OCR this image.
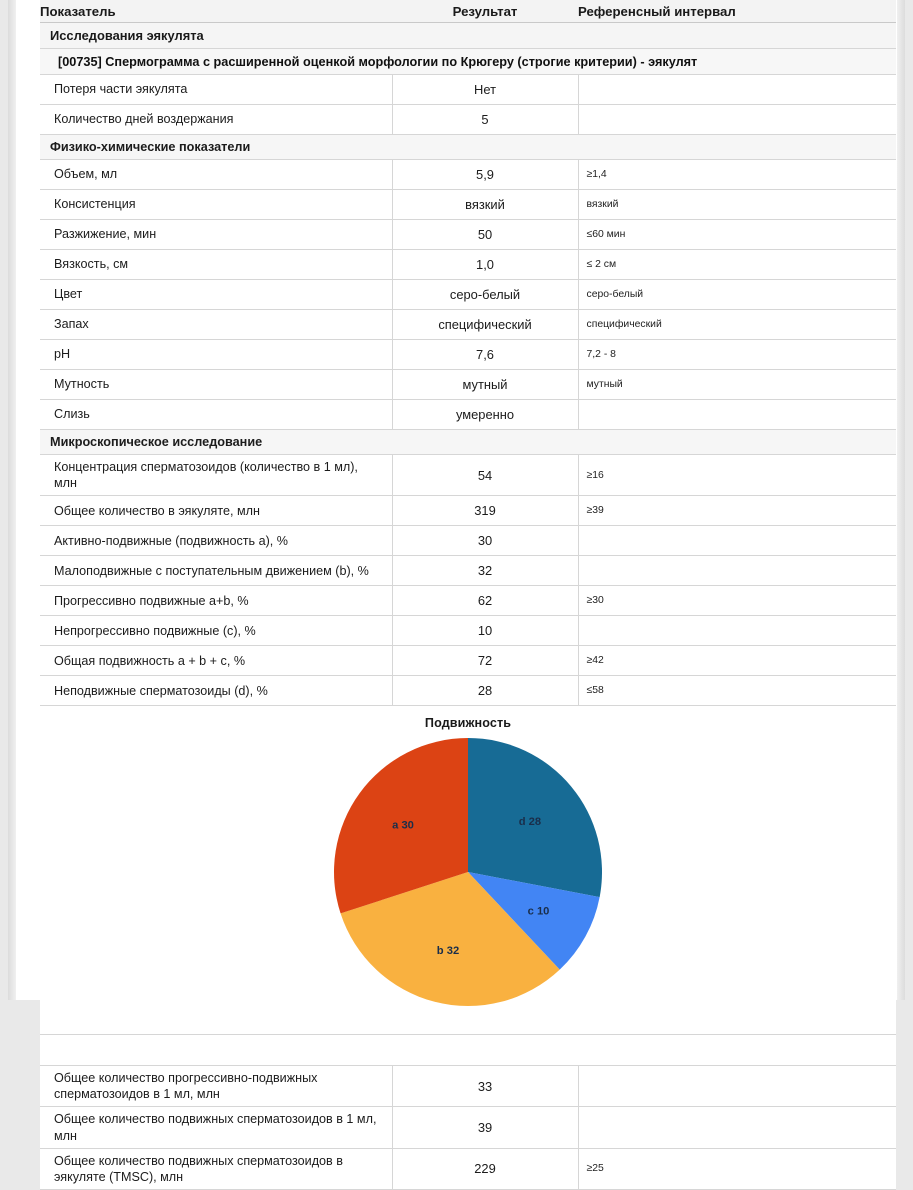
Показатель	Результат	Референсный интервал
Исследования эякулята		
[00735] Спермограмма с расширенной оценкой морфологии по Крюгеру (строгие критерии) - эякулят		
Потеря части эякулята	Нет	
Количество дней воздержания	5	
Физико-химические показатели		
Объем, мл	5,9	≥1,4
Консистенция	вязкий	вязкий
Разжижение, мин	50	≤60 мин
Вязкость, см	1,0	≤ 2 см
Цвет	серо-белый	серо-белый
Запах	специфический	специфический
pH	7,6	7,2 - 8
Мутность	мутный	мутный
Слизь	умеренно	
Микроскопическое исследование		
Концентрация сперматозоидов (количество в 1 мл), млн	54	≥16
Общее количество в эякуляте, млн	319	≥39
Активно-подвижные (подвижность a), %	30	
Малоподвижные с поступательным движением (b), %	32	
Прогрессивно подвижные a+b, %	62	≥30
Непрогрессивно подвижные (c), %	10	
Общая подвижность a + b + c, %	72	≥42
Неподвижные сперматозоиды (d), %	28	≤58

Подвижность
d 28
c 10
b 32
a 30		

Общее количество прогрессивно-подвижных сперматозоидов в 1 мл, млн	33	
Общее количество подвижных сперматозоидов в 1 мл, млн	39	
Общее количество подвижных сперматозоидов в эякуляте (TMSC), млн	229	≥25
